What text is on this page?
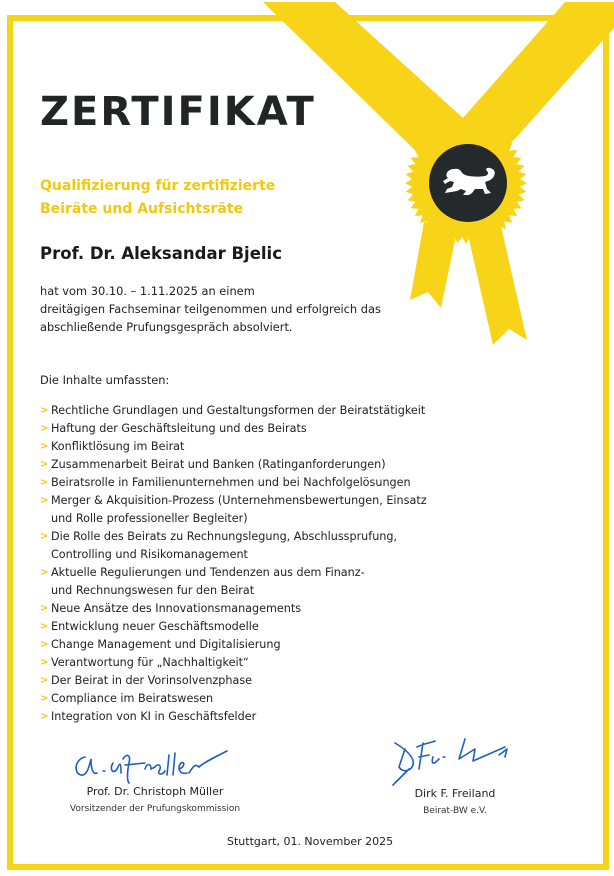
ZERTIFIKAT
Qualifizierung für zertifizierte
Beiräte und Aufsichtsräte
Prof. Dr. Aleksandar Bjelic
hat vom 30.10. – 1.11.2025 an einem
dreitägigen Fachseminar teilgenommen und erfolgreich das
abschließende Prufungsgespräch absolviert.
Die Inhalte umfassten:
> Rechtliche Grundlagen und Gestaltungsformen der Beiratstätigkeit
> Haftung der Geschäftsleitung und des Beirats
> Konfliktlösung im Beirat
> Zusammenarbeit Beirat und Banken (Ratinganforderungen)
> Beiratsrolle in Familienunternehmen und bei Nachfolgelösungen
> Merger & Akquisition-Prozess (Unternehmensbewertungen, Einsatz
und Rolle professioneller Begleiter)
> Die Rolle des Beirats zu Rechnungslegung, Abschlussprufung,
Controlling und Risikomanagement
> Aktuelle Regulierungen und Tendenzen aus dem Finanz-
und Rechnungswesen fur den Beirat
> Neue Ansätze des Innovationsmanagements
> Entwicklung neuer Geschäftsmodelle
> Change Management und Digitalisierung
> Verantwortung für „Nachhaltigkeit“
> Der Beirat in der Vorinsolvenzphase
> Compliance im Beiratswesen
> Integration von KI in Geschäftsfelder
Prof. Dr. Christoph Müller
Vorsitzender der Prufungskommission
Dirk F. Freiland
Beirat-BW e.V.
Stuttgart, 01. November 2025
